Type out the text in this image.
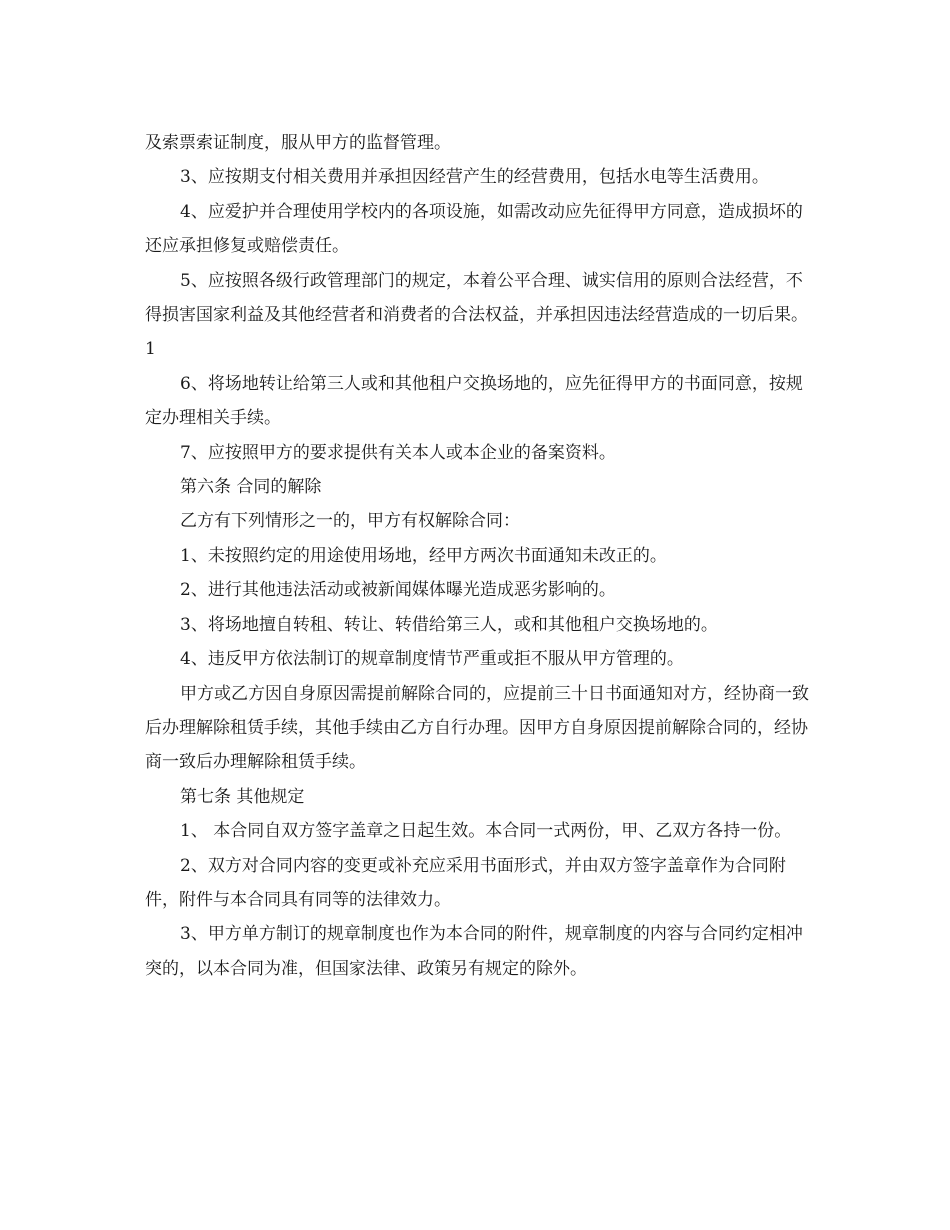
及索票索证制度，服从甲方的监督管理。

3、应按期支付相关费用并承担因经营产生的经营费用，包括水电等生活费用。

4、应爱护并合理使用学校内的各项设施，如需改动应先征得甲方同意，造成损坏的还应承担修复或赔偿责任。

5、应按照各级行政管理部门的规定，本着公平合理、诚实信用的原则合法经营，不得损害国家利益及其他经营者和消费者的合法权益，并承担因违法经营造成的一切后果。 1

6、将场地转让给第三人或和其他租户交换场地的，应先征得甲方的书面同意，按规定办理相关手续。

7、应按照甲方的要求提供有关本人或本企业的备案资料。

第六条 合同的解除

乙方有下列情形之一的，甲方有权解除合同：

1、未按照约定的用途使用场地，经甲方两次书面通知未改正的。

2、进行其他违法活动或被新闻媒体曝光造成恶劣影响的。

3、将场地擅自转租、转让、转借给第三人，或和其他租户交换场地的。

4、违反甲方依法制订的规章制度情节严重或拒不服从甲方管理的。

甲方或乙方因自身原因需提前解除合同的，应提前三十日书面通知对方，经协商一致后办理解除租赁手续，其他手续由乙方自行办理。因甲方自身原因提前解除合同的，经协商一致后办理解除租赁手续。

第七条 其他规定

1、 本合同自双方签字盖章之日起生效。本合同一式两份，甲、乙双方各持一份。

2、双方对合同内容的变更或补充应采用书面形式，并由双方签字盖章作为合同附件，附件与本合同具有同等的法律效力。

3、甲方单方制订的规章制度也作为本合同的附件，规章制度的内容与合同约定相冲突的，以本合同为准，但国家法律、政策另有规定的除外。
